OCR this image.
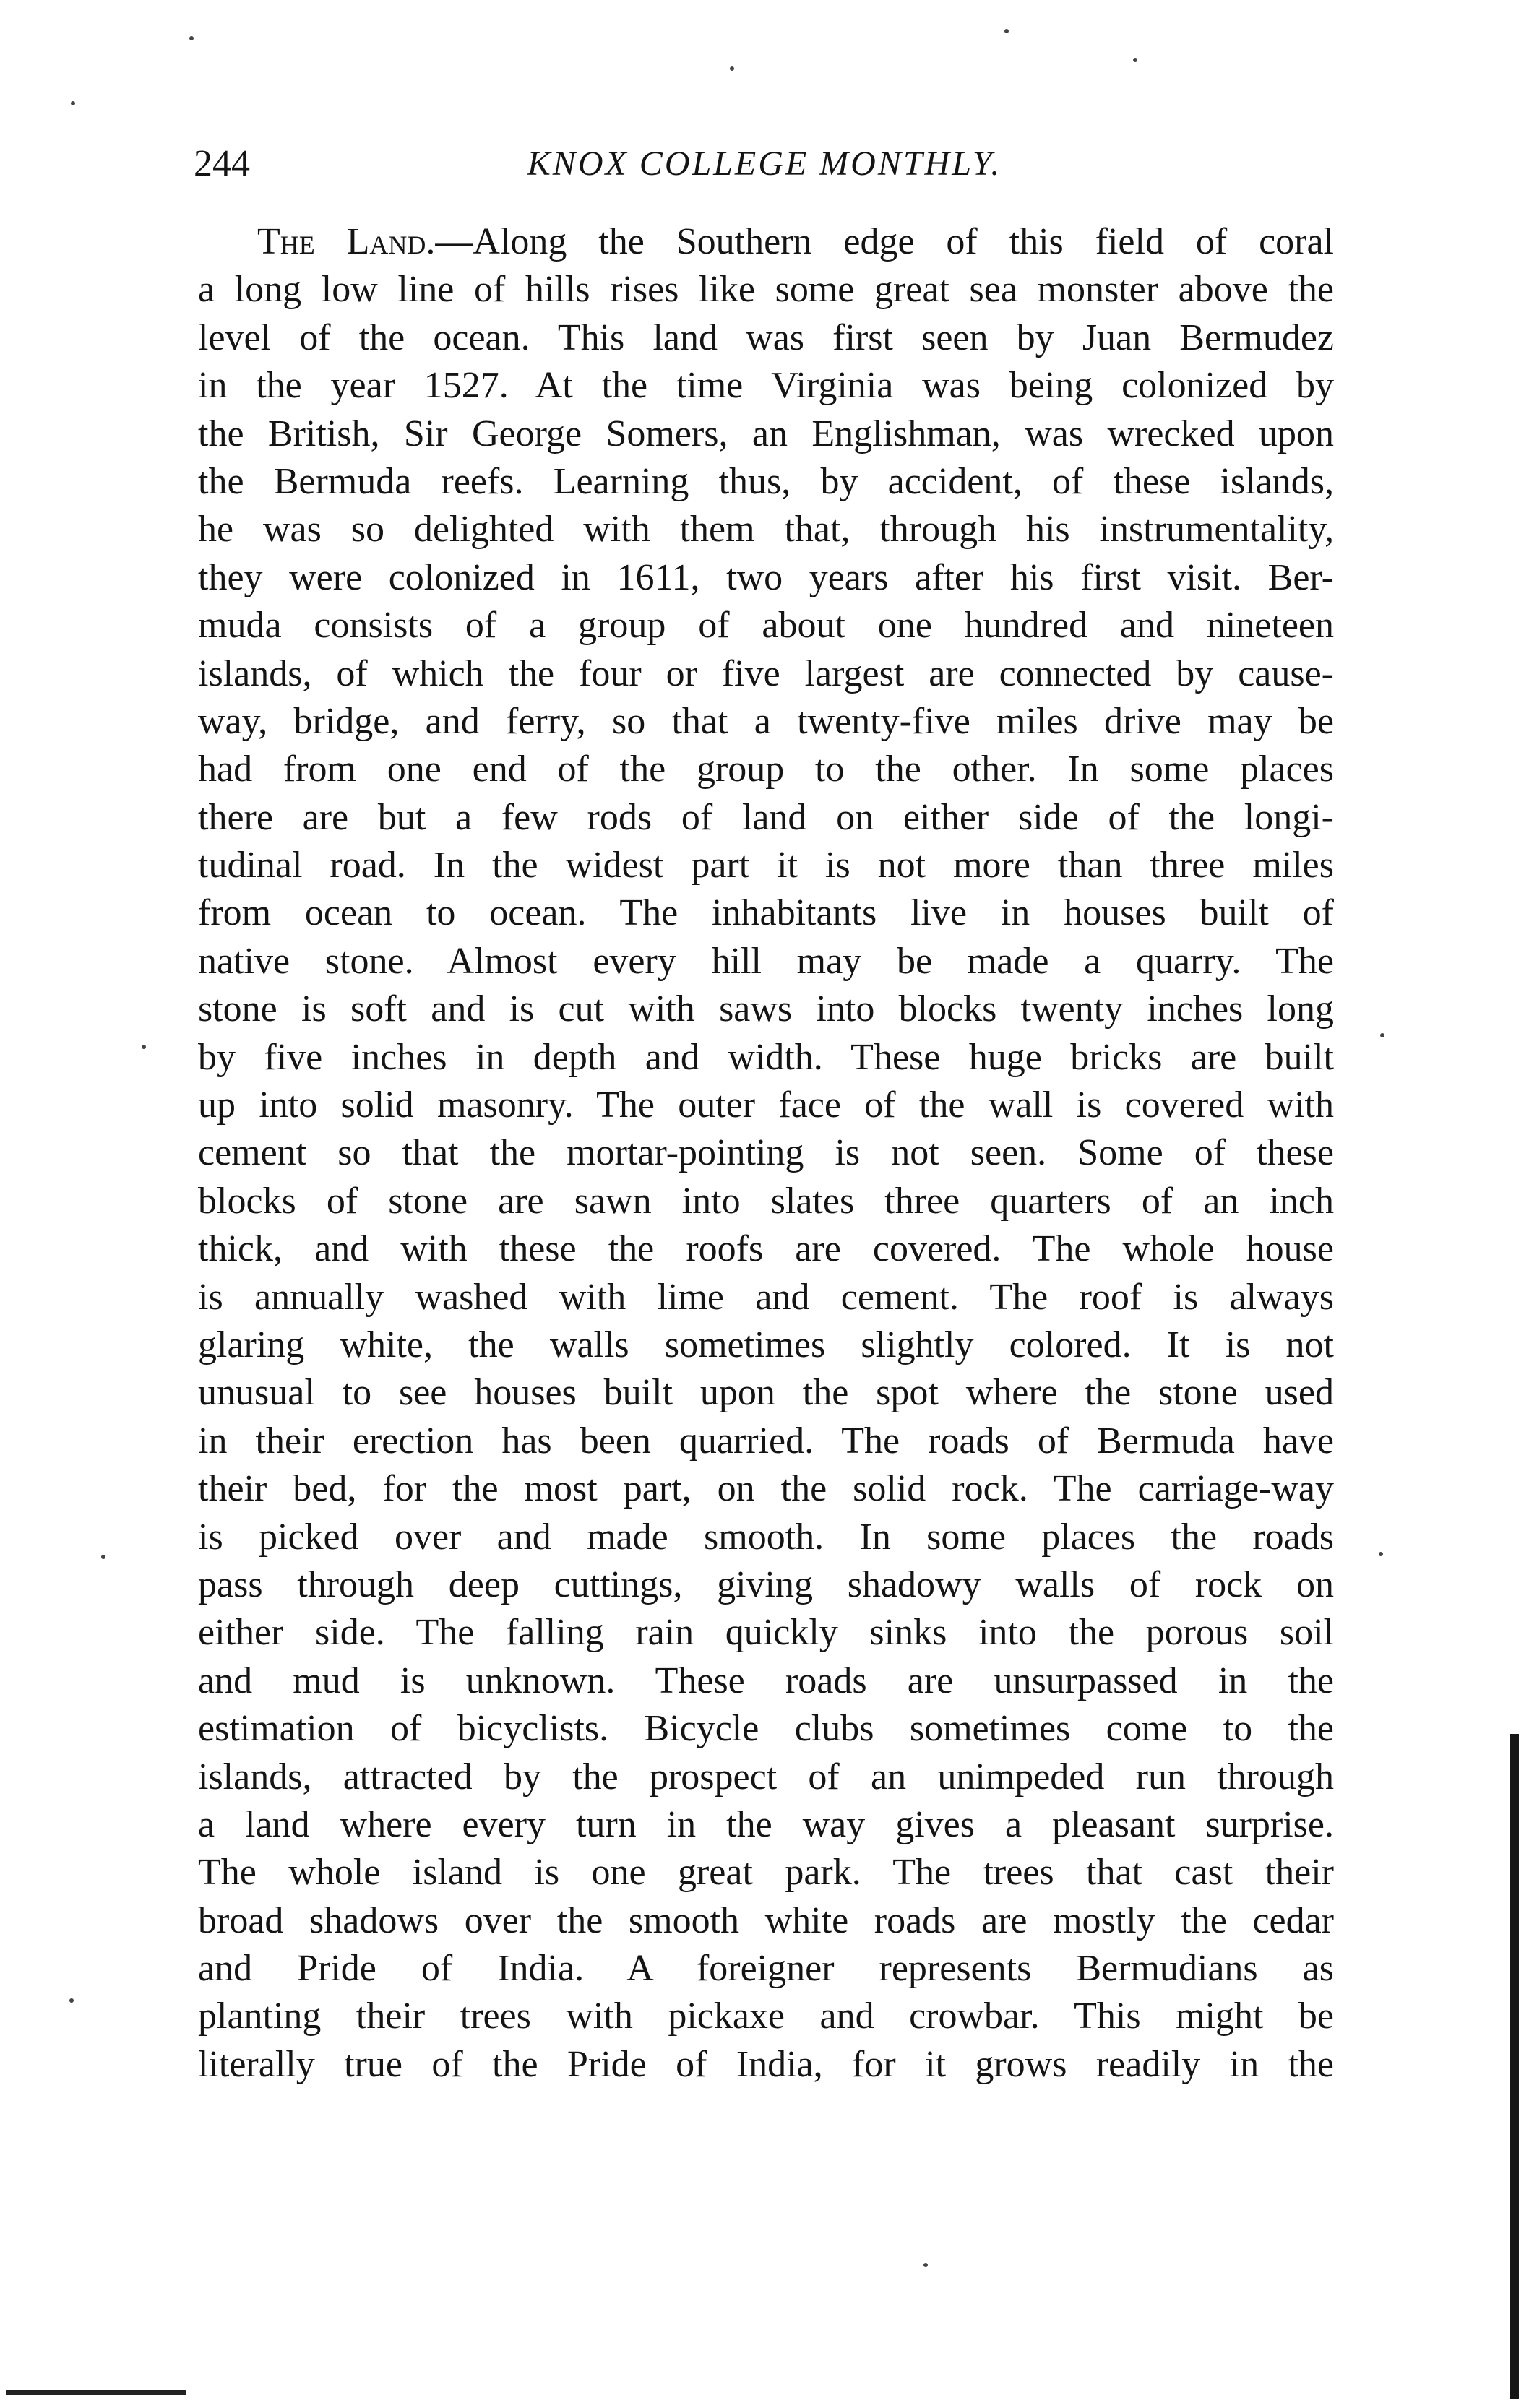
244	KNOX COLLEGE MONTHLY.
The Land.—Along the Southern edge of this field of coral
a long low line of hills rises like some great sea monster above the
level of the ocean. This land was first seen by Juan Bermudez
in the year 1527. At the time Virginia was being colonized by
the British, Sir George Somers, an Englishman, was wrecked upon
the Bermuda reefs. Learning thus, by accident, of these islands,
he was so delighted with them that, through his instrumentality,
they were colonized in 1611, two years after his first visit. Ber-
muda consists of a group of about one hundred and nineteen
islands, of which the four or five largest are connected by cause-
way, bridge, and ferry, so that a twenty-five miles drive may be
had from one end of the group to the other. In some places
there are but a few rods of land on either side of the longi-
tudinal road. In the widest part it is not more than three miles
from ocean to ocean. The inhabitants live in houses built of
native stone. Almost every hill may be made a quarry. The
stone is soft and is cut with saws into blocks twenty inches long
by five inches in depth and width. These huge bricks are built
up into solid masonry. The outer face of the wall is covered with
cement so that the mortar-pointing is not seen. Some of these
blocks of stone are sawn into slates three quarters of an inch
thick, and with these the roofs are covered. The whole house
is annually washed with lime and cement. The roof is always
glaring white, the walls sometimes slightly colored. It is not
unusual to see houses built upon the spot where the stone used
in their erection has been quarried. The roads of Bermuda have
their bed, for the most part, on the solid rock. The carriage-way
is picked over and made smooth. In some places the roads
pass through deep cuttings, giving shadowy walls of rock on
either side. The falling rain quickly sinks into the porous soil
and mud is unknown. These roads are unsurpassed in the
estimation of bicyclists. Bicycle clubs sometimes come to the
islands, attracted by the prospect of an unimpeded run through
a land where every turn in the way gives a pleasant surprise.
The whole island is one great park. The trees that cast their
broad shadows over the smooth white roads are mostly the cedar
and Pride of India. A foreigner represents Bermudians as
planting their trees with pickaxe and crowbar. This might be
literally true of the Pride of India, for it grows readily in the
